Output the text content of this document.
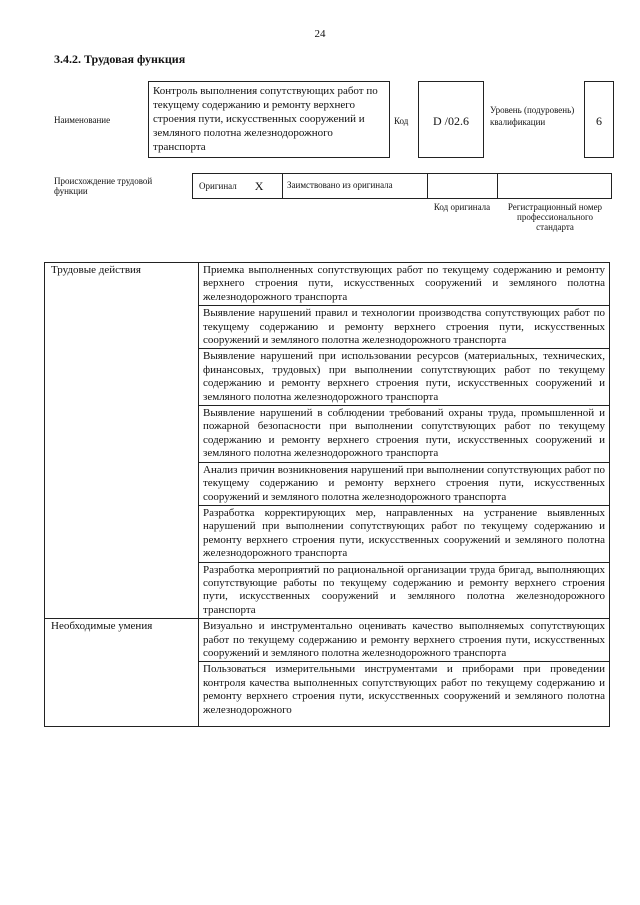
24
3.4.2. Трудовая функция
Наименование
Контроль выполнения сопутствующих работ по текущему содержанию и ремонту верхнего строения пути, искусственных сооружений и земляного полотна железнодорожного транспорта
Код	D /02.6
Уровень (подуровень) квалификации	6
Происхождение трудовой функции	Оригинал X	Заимствовано из оригинала
Код оригинала	Регистрационный номер профессионального стандарта
Трудовые действия	Приемка выполненных сопутствующих работ по текущему содержанию и ремонту верхнего строения пути, искусственных сооружений и земляного полотна железнодорожного транспорта
	Выявление нарушений правил и технологии производства сопутствующих работ по текущему содержанию и ремонту верхнего строения пути, искусственных сооружений и земляного полотна железнодорожного транспорта
	Выявление нарушений при использовании ресурсов (материальных, технических, финансовых, трудовых) при выполнении сопутствующих работ по текущему содержанию и ремонту верхнего строения пути, искусственных сооружений и земляного полотна железнодорожного транспорта
	Выявление нарушений в соблюдении требований охраны труда, промышленной и пожарной безопасности при выполнении сопутствующих работ по текущему содержанию и ремонту верхнего строения пути, искусственных сооружений и земляного полотна железнодорожного транспорта
	Анализ причин возникновения нарушений при выполнении сопутствующих работ по текущему содержанию и ремонту верхнего строения пути, искусственных сооружений и земляного полотна железнодорожного транспорта
	Разработка корректирующих мер, направленных на устранение выявленных нарушений при выполнении сопутствующих работ по текущему содержанию и ремонту верхнего строения пути, искусственных сооружений и земляного полотна железнодорожного транспорта
	Разработка мероприятий по рациональной организации труда бригад, выполняющих сопутствующие работы по текущему содержанию и ремонту верхнего строения пути, искусственных сооружений и земляного полотна железнодорожного транспорта
Необходимые умения	Визуально и инструментально оценивать качество выполняемых сопутствующих работ по текущему содержанию и ремонту верхнего строения пути, искусственных сооружений и земляного полотна железнодорожного транспорта

	Пользоваться измерительными инструментами и приборами при проведении контроля качества выполненных сопутствующих работ по текущему содержанию и ремонту верхнего строения пути, искусственных сооружений и земляного полотна железнодорожного
